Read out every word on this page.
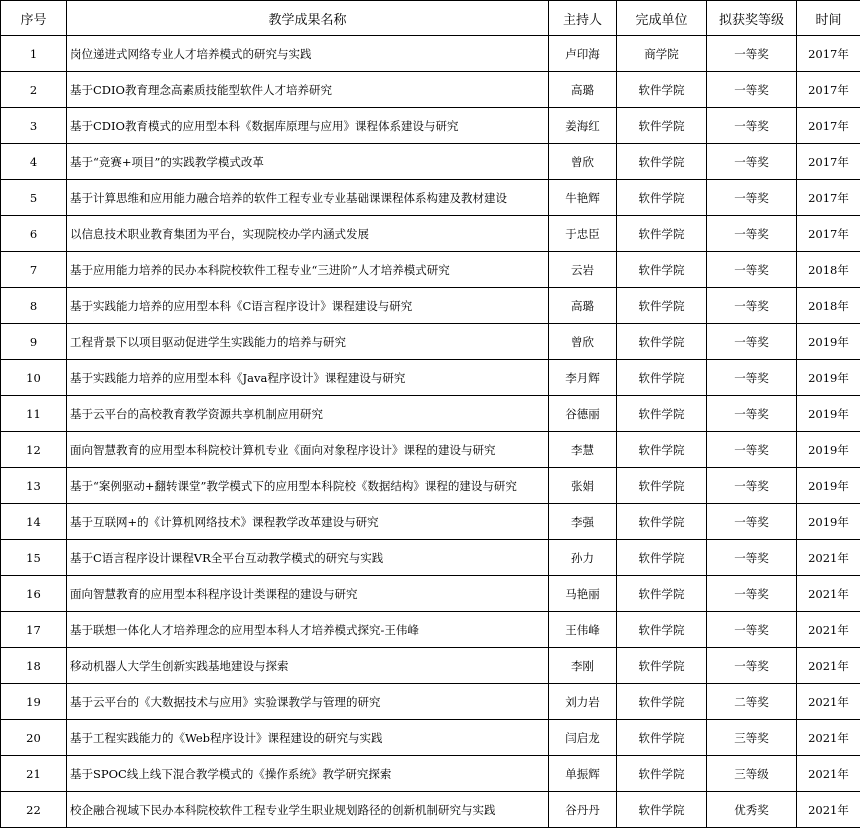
序号	教学成果名称	主持人	完成单位	拟获奖等级	时间
1	岗位递进式网络专业人才培养模式的研究与实践	卢印海	商学院	一等奖	2017年
2	基于CDIO教育理念高素质技能型软件人才培养研究	高璐	软件学院	一等奖	2017年
3	基于CDIO教育模式的应用型本科《数据库原理与应用》课程体系建设与研究	姜海红	软件学院	一等奖	2017年
4	基于“竞赛+项目”的实践教学模式改革	曾欣	软件学院	一等奖	2017年
5	基于计算思维和应用能力融合培养的软件工程专业专业基础课课程体系构建及教材建设	牛艳辉	软件学院	一等奖	2017年
6	以信息技术职业教育集团为平台，实现院校办学内涵式发展	于忠臣	软件学院	一等奖	2017年
7	基于应用能力培养的民办本科院校软件工程专业“三进阶”人才培养模式研究	云岩	软件学院	一等奖	2018年
8	基于实践能力培养的应用型本科《C语言程序设计》课程建设与研究	高璐	软件学院	一等奖	2018年
9	工程背景下以项目驱动促进学生实践能力的培养与研究	曾欣	软件学院	一等奖	2019年
10	基于实践能力培养的应用型本科《Java程序设计》课程建设与研究	李月辉	软件学院	一等奖	2019年
11	基于云平台的高校教育教学资源共享机制应用研究	谷德丽	软件学院	一等奖	2019年
12	面向智慧教育的应用型本科院校计算机专业《面向对象程序设计》课程的建设与研究	李慧	软件学院	一等奖	2019年
13	基于“案例驱动+翻转课堂”教学模式下的应用型本科院校《数据结构》课程的建设与研究	张娟	软件学院	一等奖	2019年
14	基于互联网+的《计算机网络技术》课程教学改革建设与研究	李强	软件学院	一等奖	2019年
15	基于C语言程序设计课程VR全平台互动教学模式的研究与实践	孙力	软件学院	一等奖	2021年
16	面向智慧教育的应用型本科程序设计类课程的建设与研究	马艳丽	软件学院	一等奖	2021年
17	基于联想一体化人才培养理念的应用型本科人才培养模式探究-王伟峰	王伟峰	软件学院	一等奖	2021年
18	移动机器人大学生创新实践基地建设与探索	李刚	软件学院	一等奖	2021年
19	基于云平台的《大数据技术与应用》实验课教学与管理的研究	刘力岩	软件学院	二等奖	2021年
20	基于工程实践能力的《Web程序设计》课程建设的研究与实践	闫启龙	软件学院	三等奖	2021年
21	基于SPOC线上线下混合教学模式的《操作系统》教学研究探索	单振辉	软件学院	三等级	2021年
22	校企融合视域下民办本科院校软件工程专业学生职业规划路径的创新机制研究与实践	谷丹丹	软件学院	优秀奖	2021年
